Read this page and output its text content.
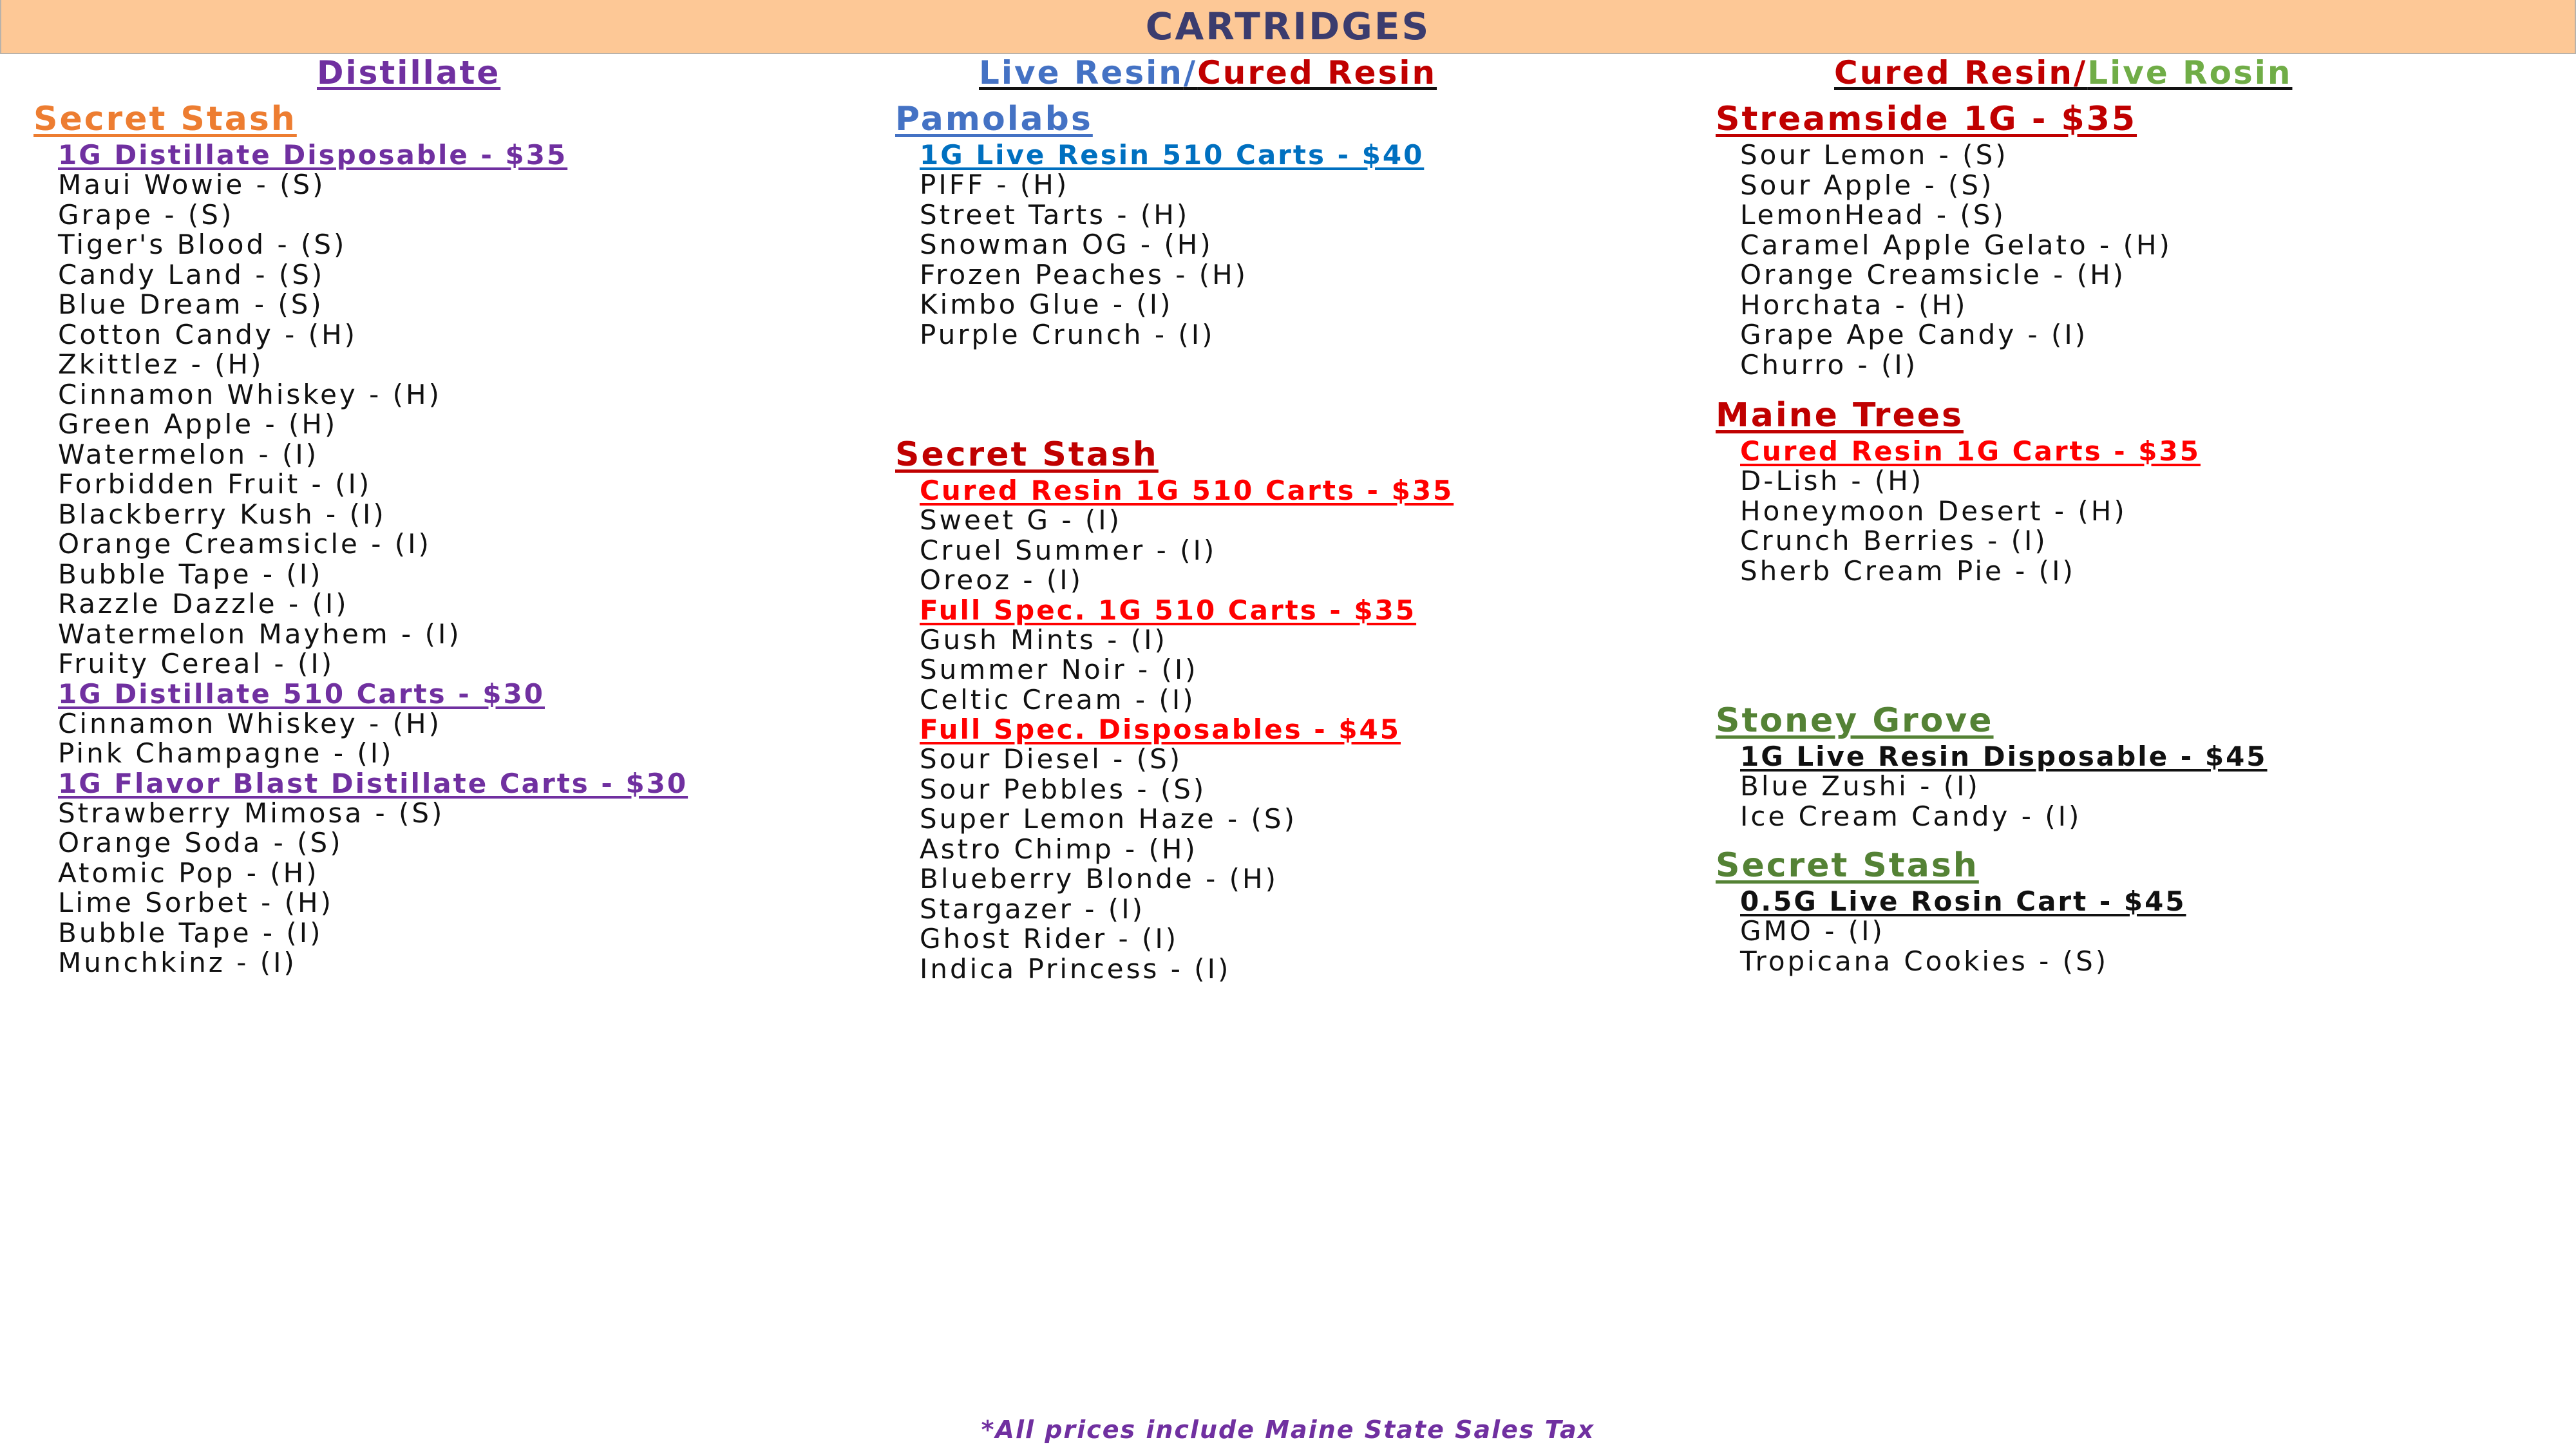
CARTRIDGES
Distillate	Live Resin/Cured Resin	Cured Resin/Live Rosin
Secret Stash
1G Distillate Disposable - $35
Maui Wowie - (S)
Grape - (S)
Tiger's Blood - (S)
Candy Land - (S)
Blue Dream - (S)
Cotton Candy - (H)
Zkittlez - (H)
Cinnamon Whiskey - (H)
Green Apple - (H)
Watermelon - (I)
Forbidden Fruit - (I)
Blackberry Kush - (I)
Orange Creamsicle - (I)
Bubble Tape - (I)
Razzle Dazzle - (I)
Watermelon Mayhem - (I)
Fruity Cereal - (I)
1G Distillate 510 Carts - $30
Cinnamon Whiskey - (H)
Pink Champagne - (I)
1G Flavor Blast Distillate Carts - $30
Strawberry Mimosa - (S)
Orange Soda - (S)
Atomic Pop - (H)
Lime Sorbet - (H)
Bubble Tape - (I)
Munchkinz - (I)
Pamolabs
1G Live Resin 510 Carts - $40
PIFF - (H)
Street Tarts - (H)
Snowman OG - (H)
Frozen Peaches - (H)
Kimbo Glue - (I)
Purple Crunch - (I)
Secret Stash
Cured Resin 1G 510 Carts - $35
Sweet G - (I)
Cruel Summer - (I)
Oreoz - (I)
Full Spec. 1G 510 Carts - $35
Gush Mints - (I)
Summer Noir - (I)
Celtic Cream - (I)
Full Spec. Disposables - $45
Sour Diesel - (S)
Sour Pebbles - (S)
Super Lemon Haze - (S)
Astro Chimp - (H)
Blueberry Blonde - (H)
Stargazer - (I)
Ghost Rider - (I)
Indica Princess - (I)
Streamside 1G - $35
Sour Lemon - (S)
Sour Apple - (S)
LemonHead - (S)
Caramel Apple Gelato - (H)
Orange Creamsicle - (H)
Horchata - (H)
Grape Ape Candy - (I)
Churro - (I)
Maine Trees
Cured Resin 1G Carts - $35
D-Lish - (H)
Honeymoon Desert - (H)
Crunch Berries - (I)
Sherb Cream Pie - (I)
Stoney Grove
1G Live Resin Disposable - $45
Blue Zushi - (I)
Ice Cream Candy - (I)
Secret Stash
0.5G Live Rosin Cart - $45
GMO - (I)
Tropicana Cookies - (S)
*All prices include Maine State Sales Tax
